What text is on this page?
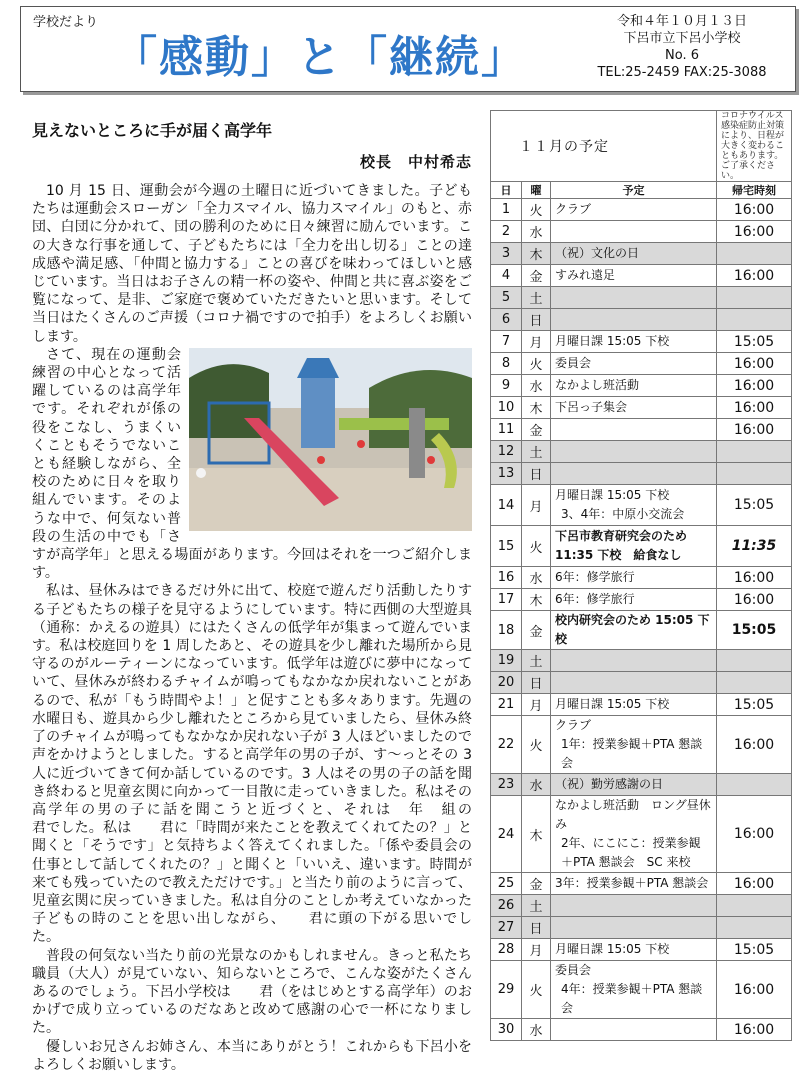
学校だより
「感動」と「継続」
令和４年１０月１３日
下呂市立下呂小学校
No. 6
TEL:25-2459 FAX:25-3088
見えないところに手が届く高学年
校長　中村希志

10 月 15 日、運動会が今週の土曜日に近づいてきました。子どもたちは運動会スローガン「全力スマイル、協力スマイル」のもと、赤団、白団に分かれて、団の勝利のために日々練習に励んでいます。この大きな行事を通して、子どもたちには「全力を出し切る」ことの達成感や満足感、「仲間と協力する」ことの喜びを味わってほしいと感じています。当日はお子さんの精一杯の姿や、仲間と共に喜ぶ姿をご覧になって、是非、ご家庭で褒めていただきたいと思います。そして当日はたくさんのご声援（コロナ禍ですので拍手）をよろしくお願いします。

さて、現在の運動会練習の中心となって活躍しているのは高学年です。それぞれが係の役をこなし、うまくいくこともそうでないことも経験しながら、全校のために日々を取り組んでいます。そのような中で、何気ない普段の生活の中でも「さすが高学年」と思える場面があります。今回はそれを一つご紹介します。

私は、昼休みはできるだけ外に出て、校庭で遊んだり活動したりする子どもたちの様子を見守るようにしています。特に西側の大型遊具（通称：かえるの遊具）にはたくさんの低学年が集まって遊んでいます。私は校庭回りを 1 周したあと、その遊具を少し離れた場所から見守るのがルーティーンになっています。低学年は遊びに夢中になっていて、昼休みが終わるチャイムが鳴ってもなかなか戻れないことがあるので、私が「もう時間やよ！」と促すことも多々あります。先週の水曜日も、遊具から少し離れたところから見ていましたら、昼休み終了のチャイムが鳴ってもなかなか戻れない子が 3 人ほどいましたので声をかけようとしました。すると高学年の男の子が、す～っとその 3 人に近づいてきて何か話しているのです。3 人はその男の子の話を聞き終わると児童玄関に向かって一目散に走っていきました。私はその高学年の男の子に話を聞こうと近づくと、それは　年　組の　　　　君でした。私は　　君に「時間が来たことを教えてくれてたの？」と聞くと「そうです」と気持ちよく答えてくれました。「係や委員会の仕事として話してくれたの？」と聞くと「いいえ、違います。時間が来ても残っていたので教えただけです。」と当たり前のように言って、児童玄関に戻っていきました。私は自分のことしか考えていなかった子どもの時のことを思い出しながら、　　君に頭の下がる思いでした。

普段の何気ない当たり前の光景なのかもしれません。きっと私たち職員（大人）が見ていない、知らないところで、こんな姿がたくさんあるのでしょう。下呂小学校は　　君（をはじめとする高学年）のおかげで成り立っているのだなあと改めて感謝の心で一杯になりました。

優しいお兄さんお姉さん、本当にありがとう！これからも下呂小をよろしくお願いします。

１１月の予定			コロナウイルス感染症防止対策により、日程が大きく変わることもあります。ご了承ください。
日	曜	予定	帰宅時刻
1	火	クラブ	16:00
2	水		16:00
3	木	（祝）文化の日	

4	金	すみれ遠足	16:00
5	土	

6	日	

7	月	月曜日課 15:05 下校	15:05
8	火	委員会	16:00
9	水	なかよし班活動	16:00
10	木	下呂っ子集会	16:00
11	金		16:00
12	土	

13	日	

14	月	月曜日課 15:05 下校
3、4年：中原小交流会	15:05
15	火	下呂市教育研究会のため 11:35 下校　給食なし	11:35
16	水	6年：修学旅行	16:00
17	木	6年：修学旅行	16:00
18	金	校内研究会のため 15:05 下校	15:05
19	土	

20	日	

21	月	月曜日課 15:05 下校	15:05
22	火	クラブ
1年：授業参観＋PTA 懇談会	16:00
23	水	（祝）勤労感謝の日	

24	木	なかよし班活動　ロング昼休み
2年、にこにこ：授業参観＋PTA 懇談会　SC 来校	16:00
25	金	3年：授業参観＋PTA 懇談会	16:00
26	土	

27	日	

28	月	月曜日課 15:05 下校	15:05
29	火	委員会
4年：授業参観＋PTA 懇談会	16:00
30	水		16:00
